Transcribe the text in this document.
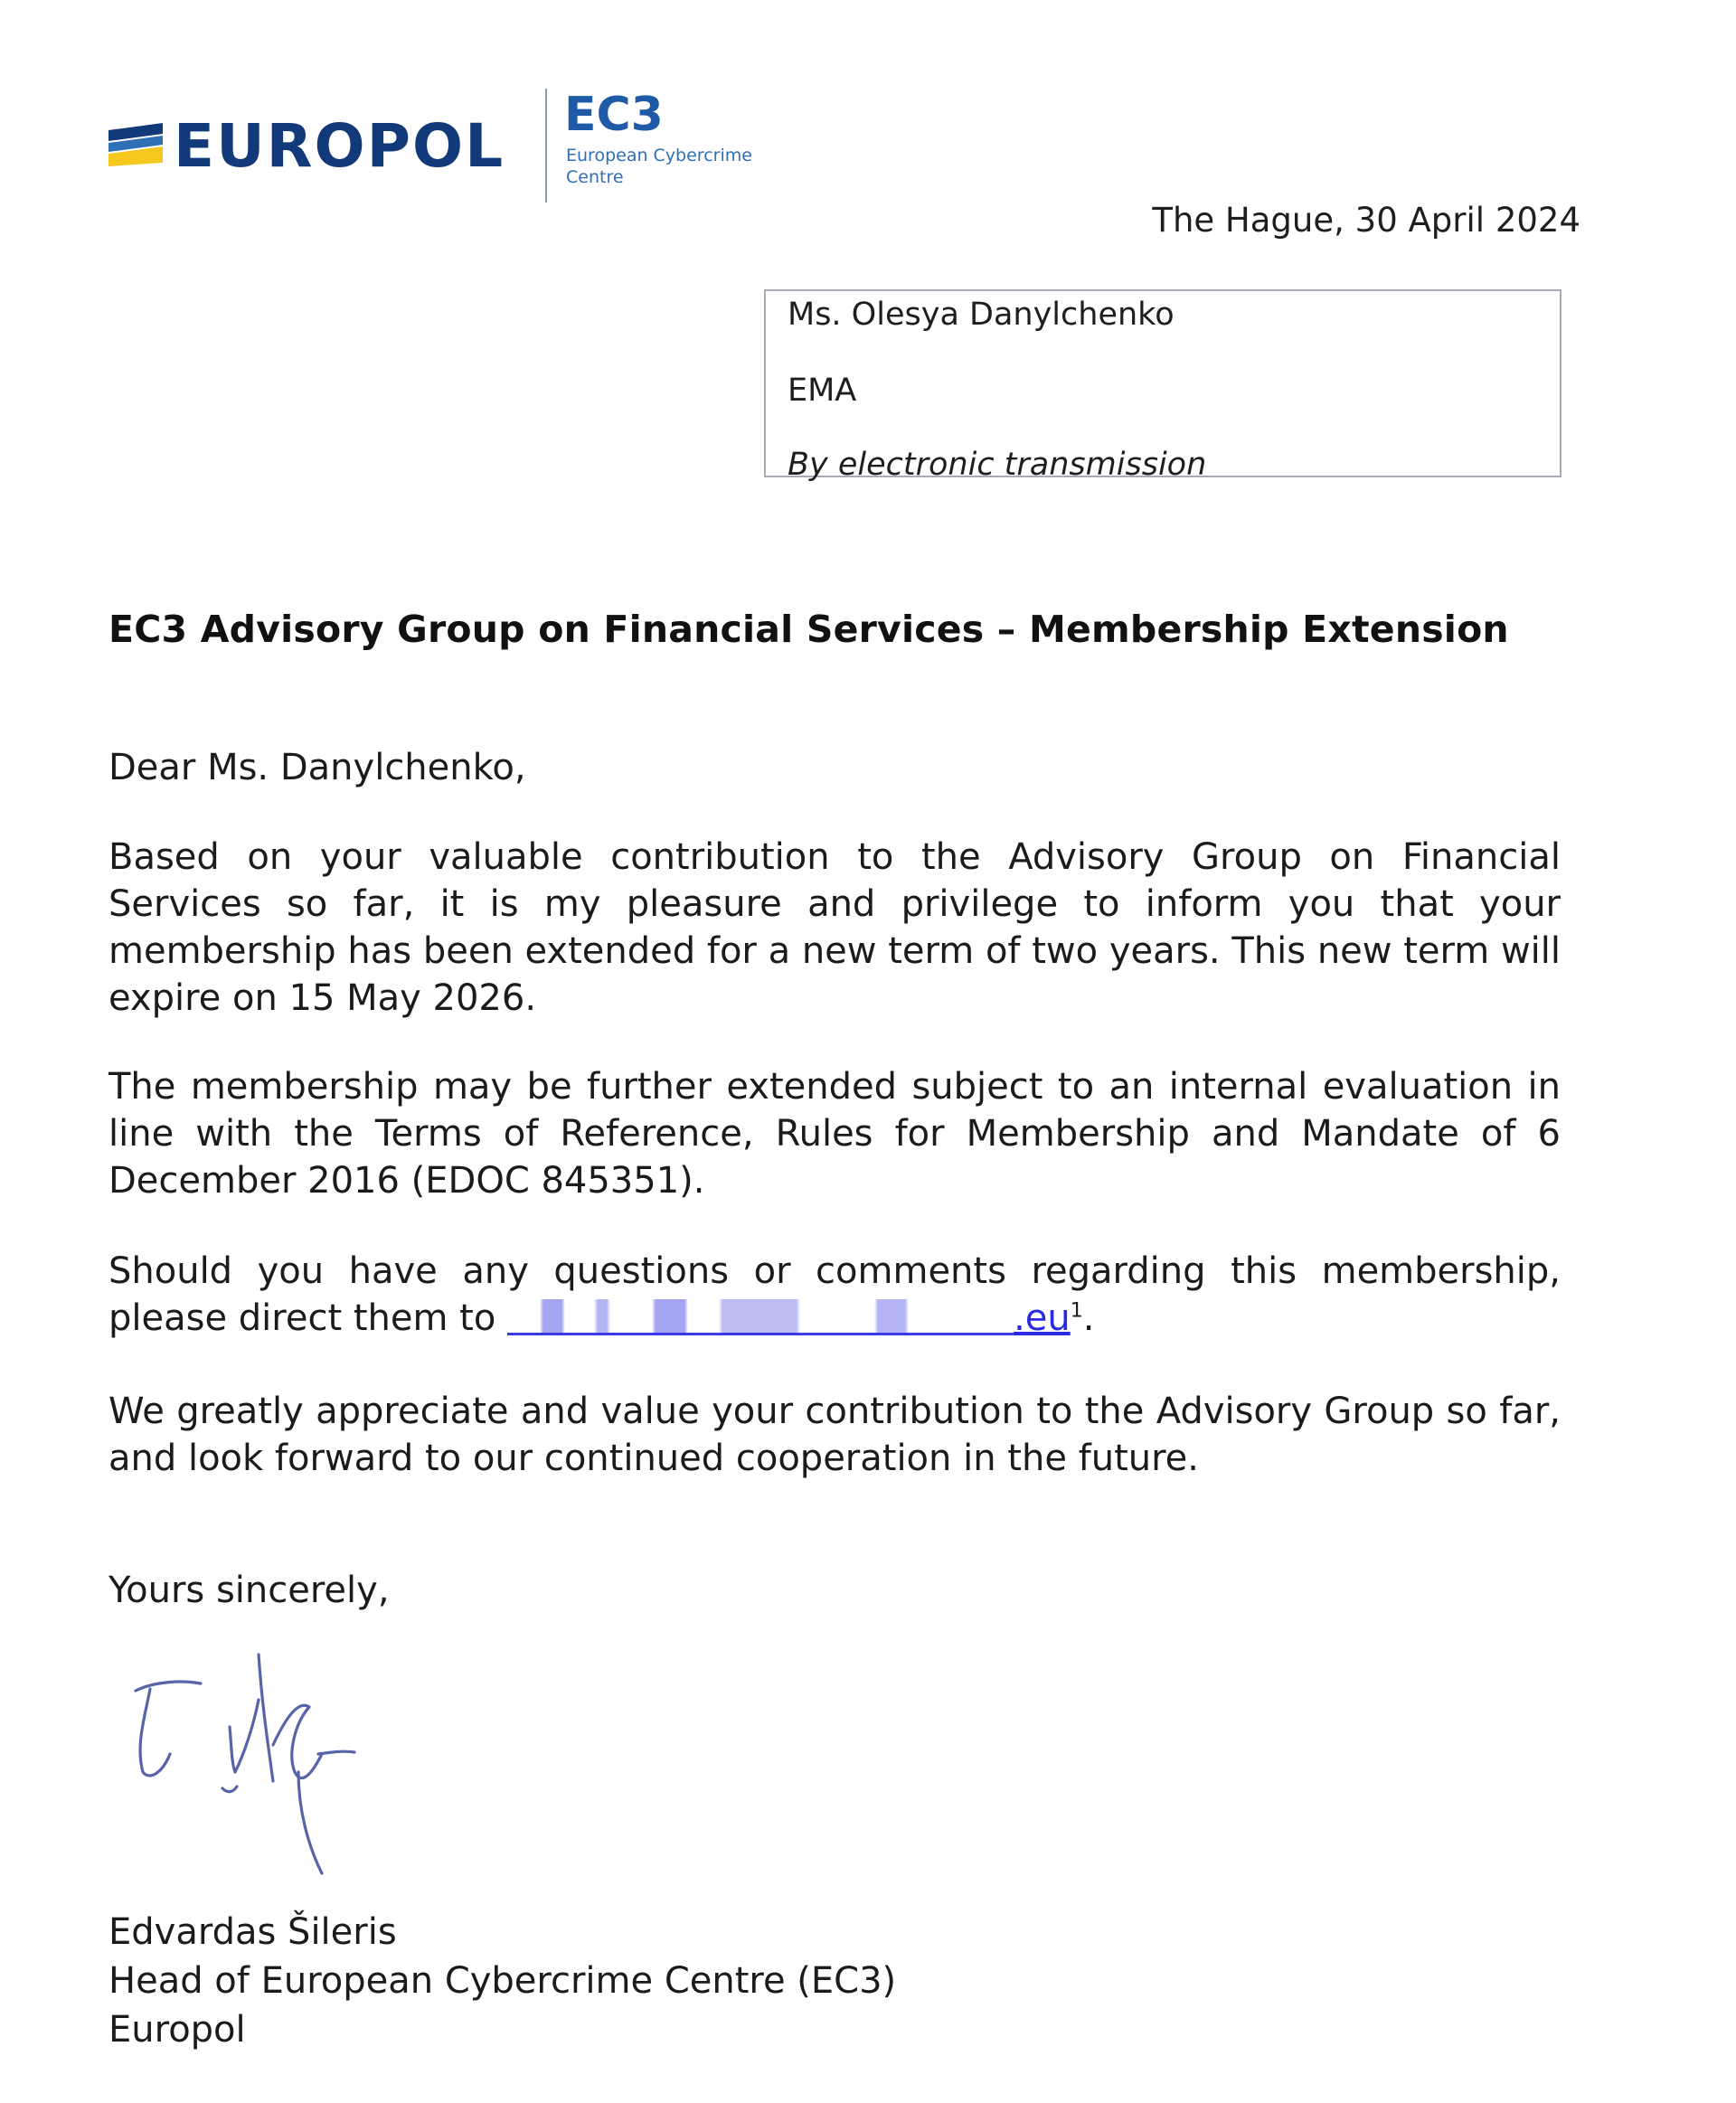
EUROPOL EC3
European Cybercrime
Centre
The Hague, 30 April 2024
Ms. Olesya Danylchenko
EMA
By electronic transmission
EC3 Advisory Group on Financial Services – Membership Extension
Dear Ms. Danylchenko,
Based on your valuable contribution to the Advisory Group on Financial Services so far, it is my pleasure and privilege to inform you that your membership has been extended for a new term of two years. This new term will expire on 15 May 2026.
The membership may be further extended subject to an internal evaluation in line with the Terms of Reference, Rules for Membership and Mandate of 6 December 2016 (EDOC 845351).
Should you have any questions or comments regarding this membership, please direct them to	$.eu^1$.
We greatly appreciate and value your contribution to the Advisory Group so far, and look forward to our continued cooperation in the future.
Yours sincerely,
Edvardas Šileris
Head of European Cybercrime Centre (EC3)
Europol
